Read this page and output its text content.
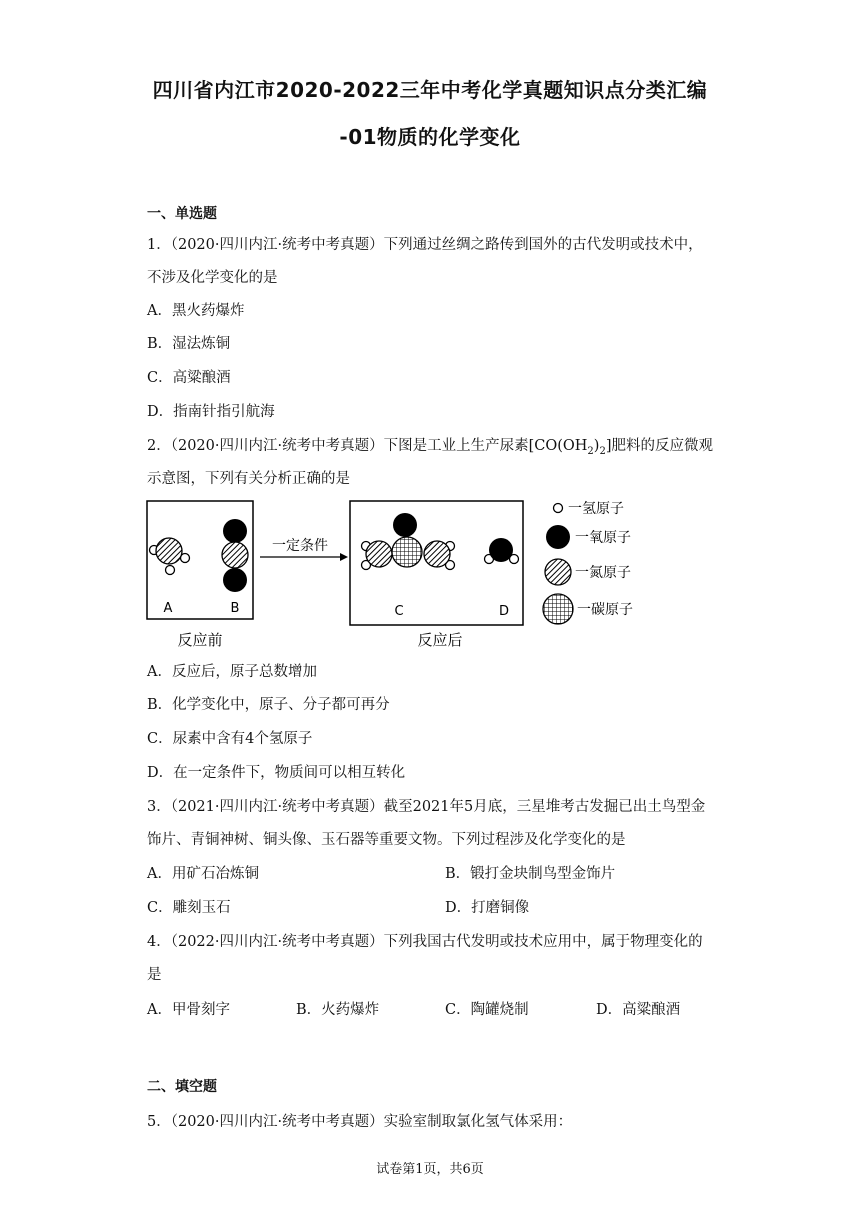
四川省内江市2020-2022三年中考化学真题知识点分类汇编
-01物质的化学变化
一、单选题
1．（2020·四川内江·统考中考真题）下列通过丝绸之路传到国外的古代发明或技术中，
不涉及化学变化的是
A．黑火药爆炸
B．湿法炼铜
C．高粱酿酒
D．指南针指引航海
2．（2020·四川内江·统考中考真题）下图是工业上生产尿素$[CO(OH_2)_2]$肥料的反应微观
示意图，下列有关分析正确的是
A	B
反应前
一定条件
C	D
反应后
一氢原子
一氧原子
一氮原子
一碳原子
A．反应后，原子总数增加
B．化学变化中，原子、分子都可再分
C．尿素中含有4个氢原子
D．在一定条件下，物质间可以相互转化
3．（2021·四川内江·统考中考真题）截至2021年5月底，三星堆考古发掘已出土鸟型金
饰片、青铜神树、铜头像、玉石器等重要文物。下列过程涉及化学变化的是
A．用矿石冶炼铜	B．锻打金块制鸟型金饰片
C．雕刻玉石	D．打磨铜像
4．（2022·四川内江·统考中考真题）下列我国古代发明或技术应用中，属于物理变化的
是
A．甲骨刻字	B．火药爆炸	C．陶罐烧制	D．高粱酿酒
二、填空题
5．（2020·四川内江·统考中考真题）实验室制取氯化氢气体采用：
试卷第1页，共6页
